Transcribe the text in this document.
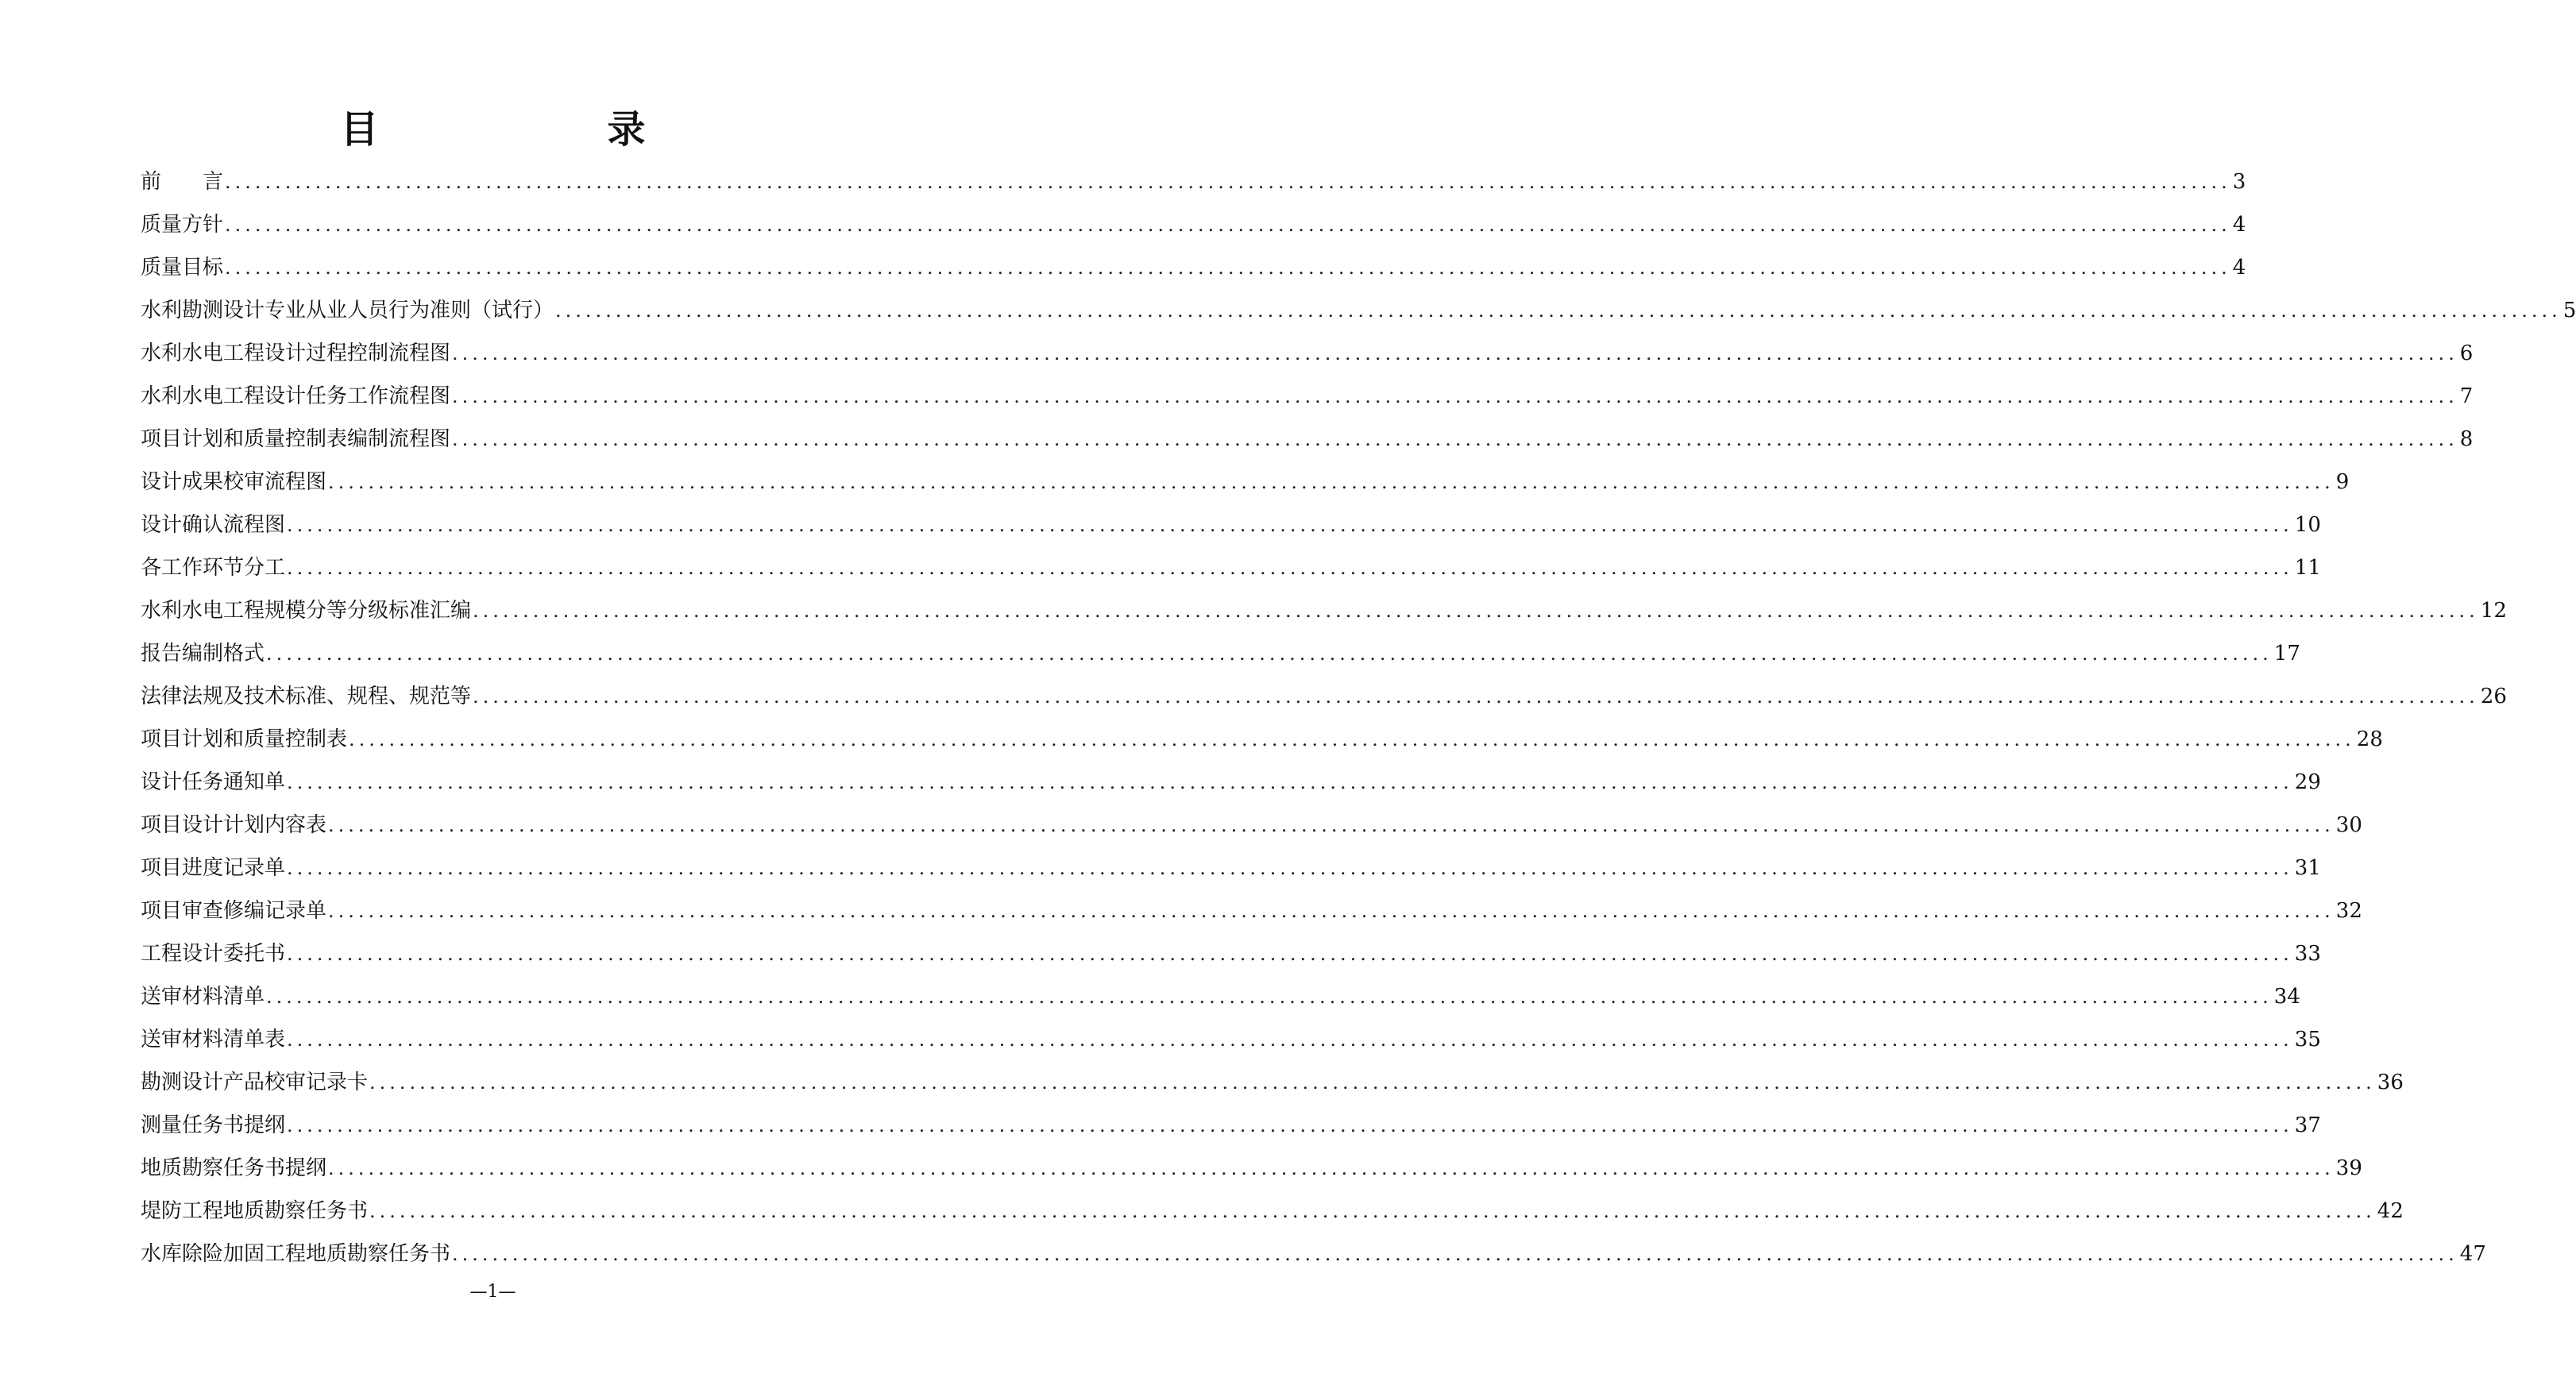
目　　录
前　　言 ........................................................................................................................................................................................................ 3
质量方针 ........................................................................................................................................................................................................ 4
质量目标 ........................................................................................................................................................................................................ 4
水利勘测设计专业从业人员行为准则（试行） ........................................................................................................................................................................................................ 5
水利水电工程设计过程控制流程图 ........................................................................................................................................................................................................ 6
水利水电工程设计任务工作流程图 ........................................................................................................................................................................................................ 7
项目计划和质量控制表编制流程图 ........................................................................................................................................................................................................ 8
设计成果校审流程图 ........................................................................................................................................................................................................ 9
设计确认流程图 ........................................................................................................................................................................................................ 10
各工作环节分工 ........................................................................................................................................................................................................ 11
水利水电工程规模分等分级标准汇编 ........................................................................................................................................................................................................ 12
报告编制格式 ........................................................................................................................................................................................................ 17
法律法规及技术标准、规程、规范等 ........................................................................................................................................................................................................ 26
项目计划和质量控制表 ........................................................................................................................................................................................................ 28
设计任务通知单 ........................................................................................................................................................................................................ 29
项目设计计划内容表 ........................................................................................................................................................................................................ 30
项目进度记录单 ........................................................................................................................................................................................................ 31
项目审查修编记录单 ........................................................................................................................................................................................................ 32
工程设计委托书 ........................................................................................................................................................................................................ 33
送审材料清单 ........................................................................................................................................................................................................ 34
送审材料清单表 ........................................................................................................................................................................................................ 35
勘测设计产品校审记录卡 ........................................................................................................................................................................................................ 36
测量任务书提纲 ........................................................................................................................................................................................................ 37
地质勘察任务书提纲 ........................................................................................................................................................................................................ 39
堤防工程地质勘察任务书 ........................................................................................................................................................................................................ 42
水库除险加固工程地质勘察任务书 ........................................................................................................................................................................................................ 47
—1—
